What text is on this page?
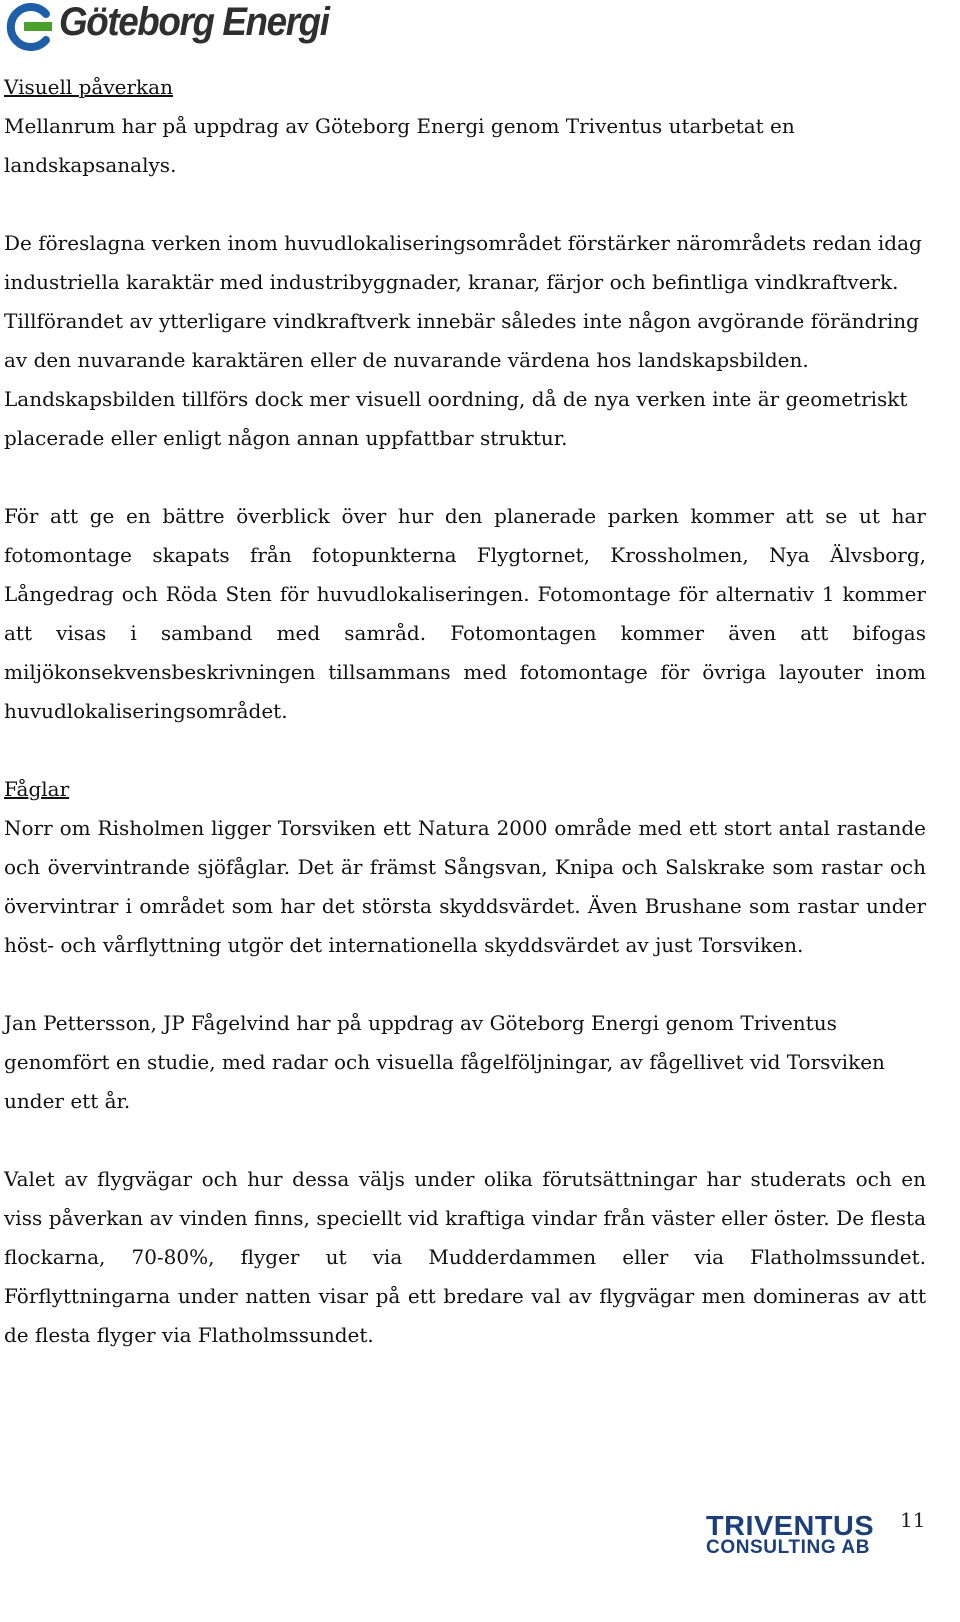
Göteborg Energi

Visuell påverkan

Mellanrum har på uppdrag av Göteborg Energi genom Triventus utarbetat en landskapsanalys.

De föreslagna verken inom huvudlokaliseringsområdet förstärker närområdets redan idag industriella karaktär med industribyggnader, kranar, färjor och befintliga vindkraftverk. Tillförandet av ytterligare vindkraftverk innebär således inte någon avgörande förändring av den nuvarande karaktären eller de nuvarande värdena hos landskapsbilden. Landskapsbilden tillförs dock mer visuell oordning, då de nya verken inte är geometriskt placerade eller enligt någon annan uppfattbar struktur.

För att ge en bättre överblick över hur den planerade parken kommer att se ut har fotomontage skapats från fotopunkterna Flygtornet, Krossholmen, Nya Älvsborg, Långedrag och Röda Sten för huvudlokaliseringen. Fotomontage för alternativ 1 kommer att visas i samband med samråd. Fotomontagen kommer även att bifogas miljökonsekvensbeskrivningen tillsammans med fotomontage för övriga layouter inom huvudlokaliseringsområdet.

Fåglar

Norr om Risholmen ligger Torsviken ett Natura 2000 område med ett stort antal rastande och övervintrande sjöfåglar. Det är främst Sångsvan, Knipa och Salskrake som rastar och övervintrar i området som har det största skyddsvärdet. Även Brushane som rastar under höst- och vårflyttning utgör det internationella skyddsvärdet av just Torsviken.

Jan Pettersson, JP Fågelvind har på uppdrag av Göteborg Energi genom Triventus genomfört en studie, med radar och visuella fågelföljningar, av fågellivet vid Torsviken under ett år.

Valet av flygvägar och hur dessa väljs under olika förutsättningar har studerats och en viss påverkan av vinden finns, speciellt vid kraftiga vindar från väster eller öster. De flesta flockarna, 70-80%, flyger ut via Mudderdammen eller via Flatholmssundet. Förflyttningarna under natten visar på ett bredare val av flygvägar men domineras av att de flesta flyger via Flatholmssundet.

TRIVENTUS
CONSULTING AB
11
